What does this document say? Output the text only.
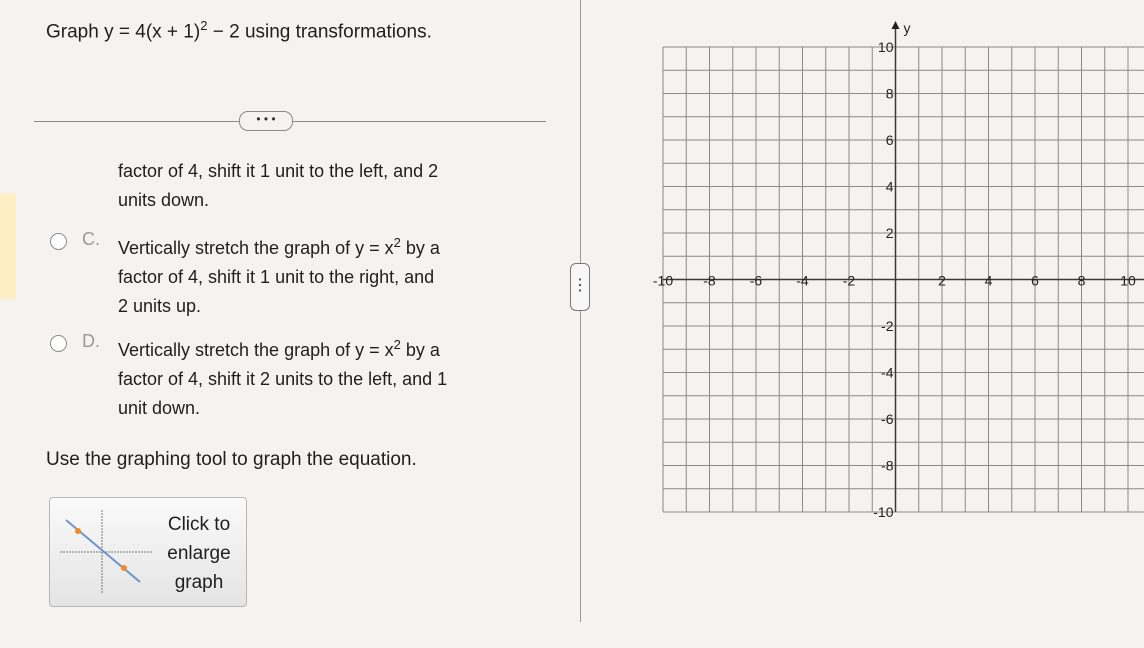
Graph $y = 4(x + 1)^2 - 2$ using transformations.
• • •
factor of 4, shift it 1 unit to the left, and 2
units down.
C. Vertically stretch the graph of $y = x^2$ by a
factor of 4, shift it 1 unit to the right, and
2 units up.
D. Vertically stretch the graph of $y = x^2$ by a
factor of 4, shift it 2 units to the left, and 1
unit down.
Use the graphing tool to graph the equation.
Click to
enlarge
graph
⋮
y
-10 -8 -6 -4 -2	2	4	6	8 10
10
8
6
4
2
-2
-4
-6
-8
-10
